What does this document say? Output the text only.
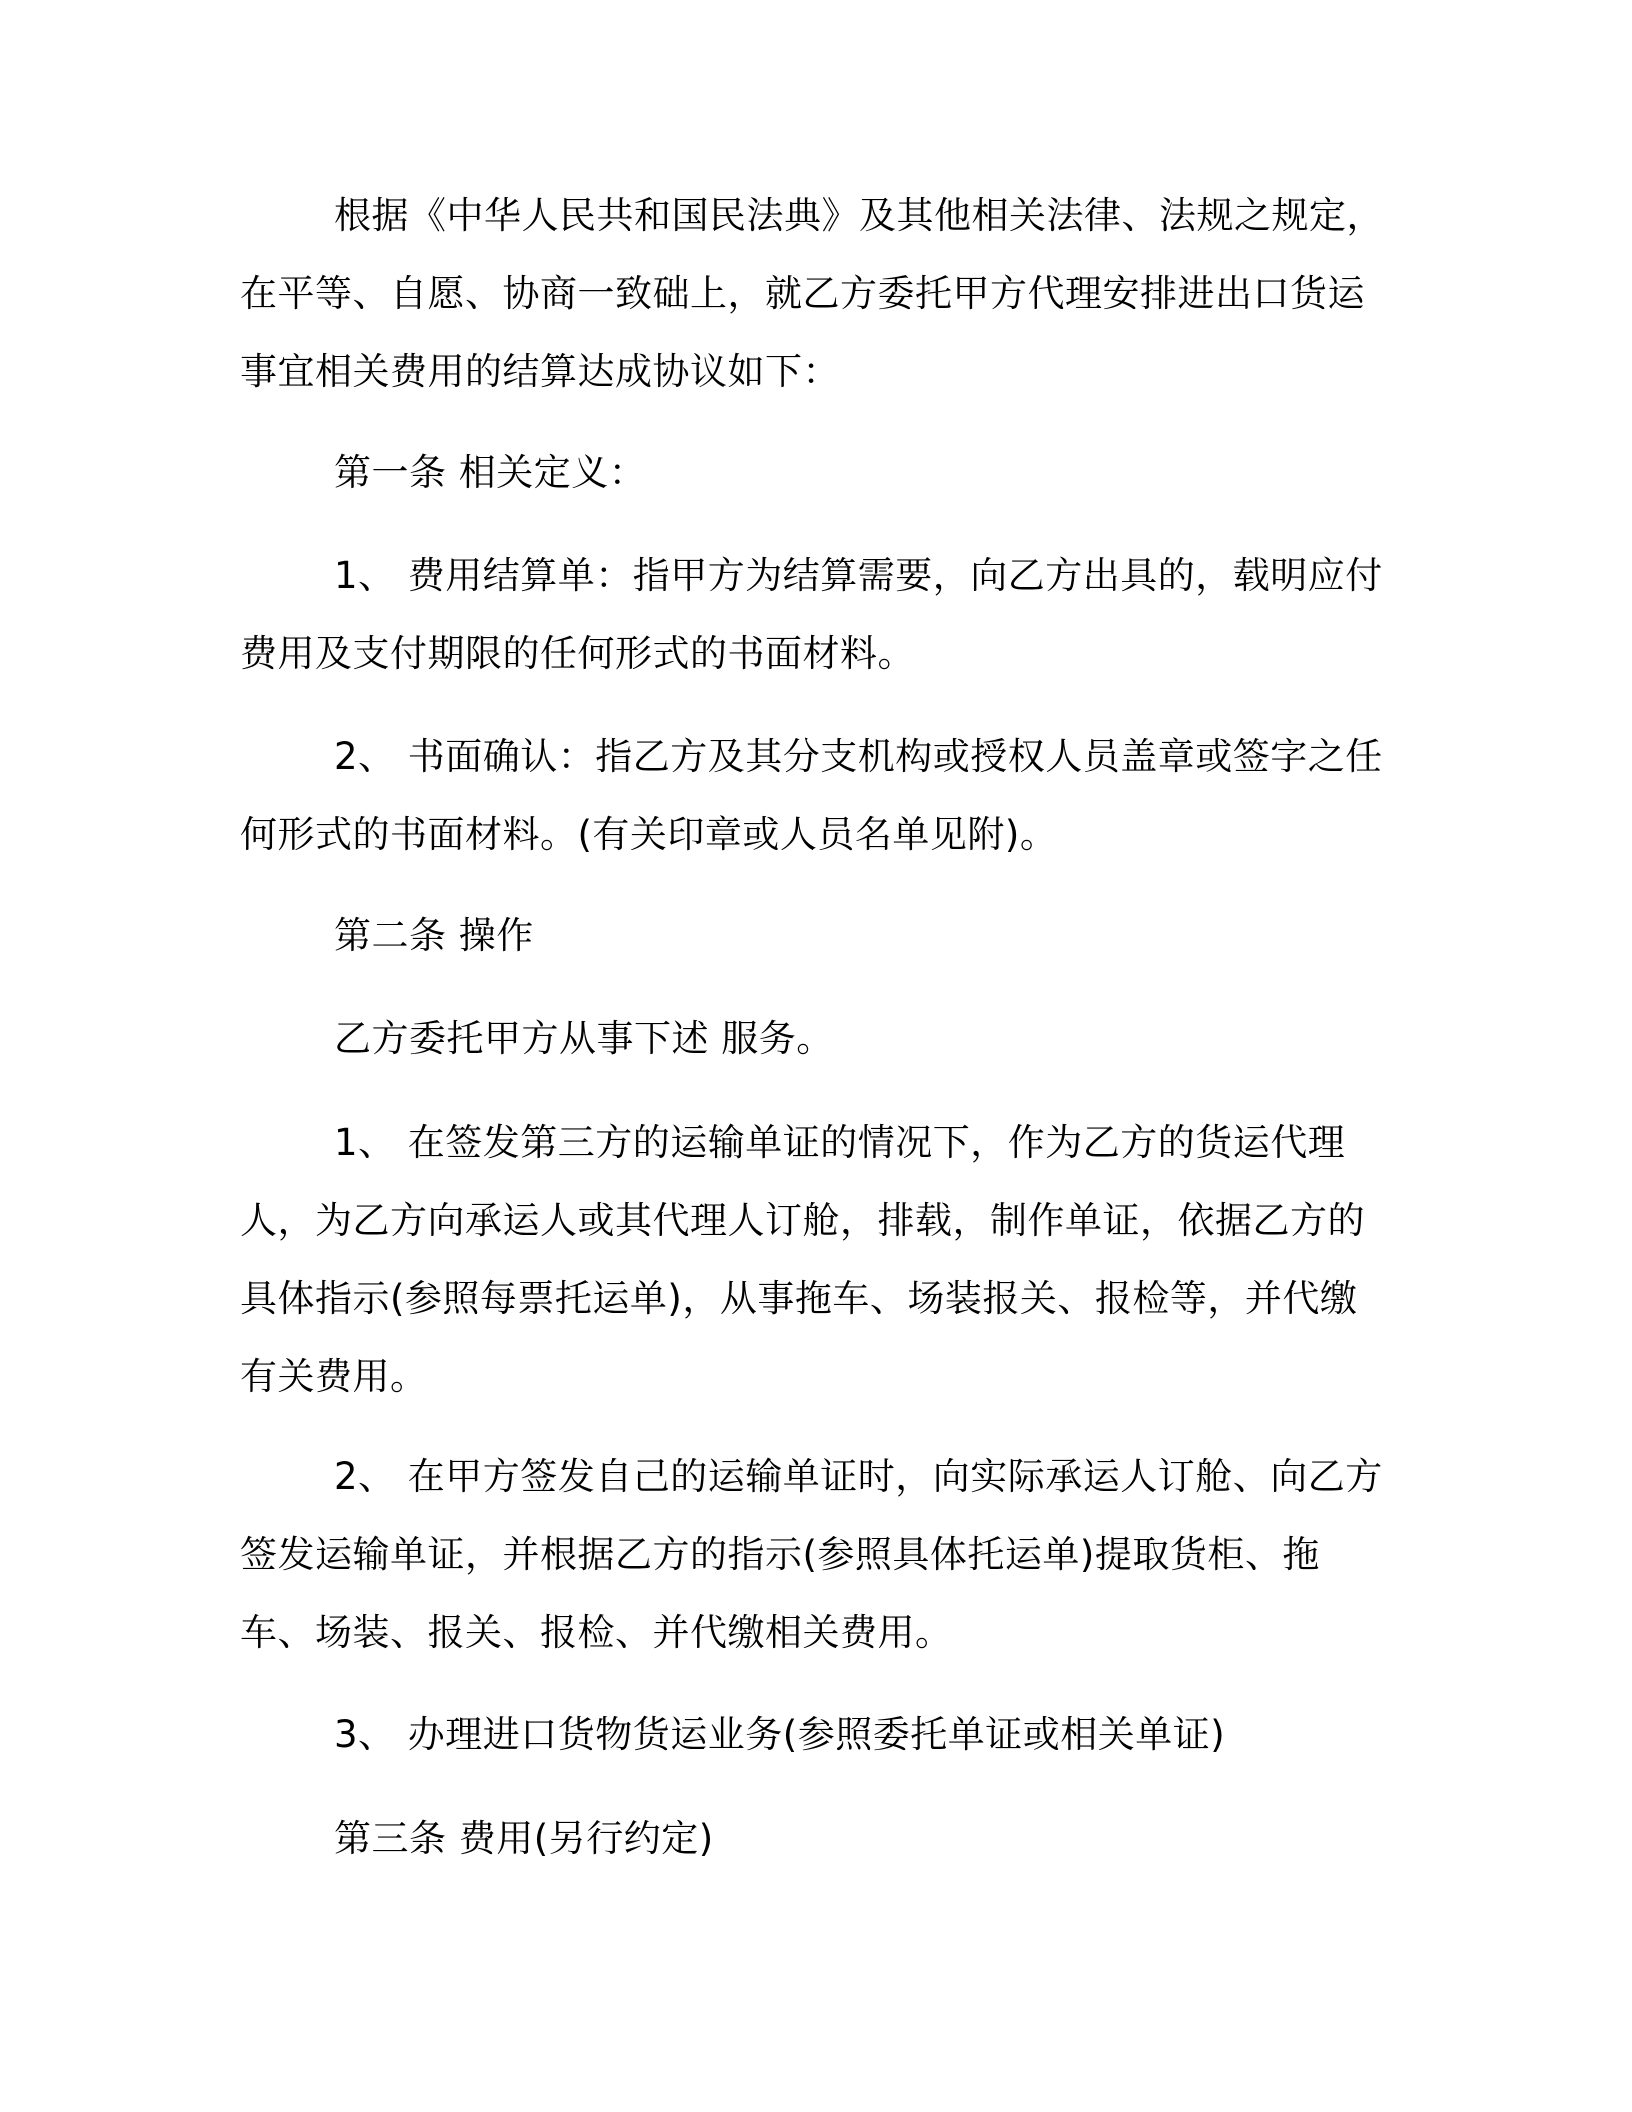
根据《中华人民共和国民法典》及其他相关法律、法规之规定，在平等、自愿、协商一致础上，就乙方委托甲方代理安排进出口货运事宜相关费用的结算达成协议如下：

第一条 相关定义：

1、 费用结算单：指甲方为结算需要，向乙方出具的，载明应付费用及支付期限的任何形式的书面材料。

2、 书面确认：指乙方及其分支机构或授权人员盖章或签字之任何形式的书面材料。(有关印章或人员名单见附)。

第二条 操作

乙方委托甲方从事下述 服务。

1、 在签发第三方的运输单证的情况下，作为乙方的货运代理人，为乙方向承运人或其代理人订舱，排载，制作单证，依据乙方的具体指示(参照每票托运单)，从事拖车、场装报关、报检等，并代缴有关费用。

2、 在甲方签发自己的运输单证时，向实际承运人订舱、向乙方签发运输单证，并根据乙方的指示(参照具体托运单)提取货柜、拖车、场装、报关、报检、并代缴相关费用。

3、 办理进口货物货运业务(参照委托单证或相关单证)

第三条 费用(另行约定)
